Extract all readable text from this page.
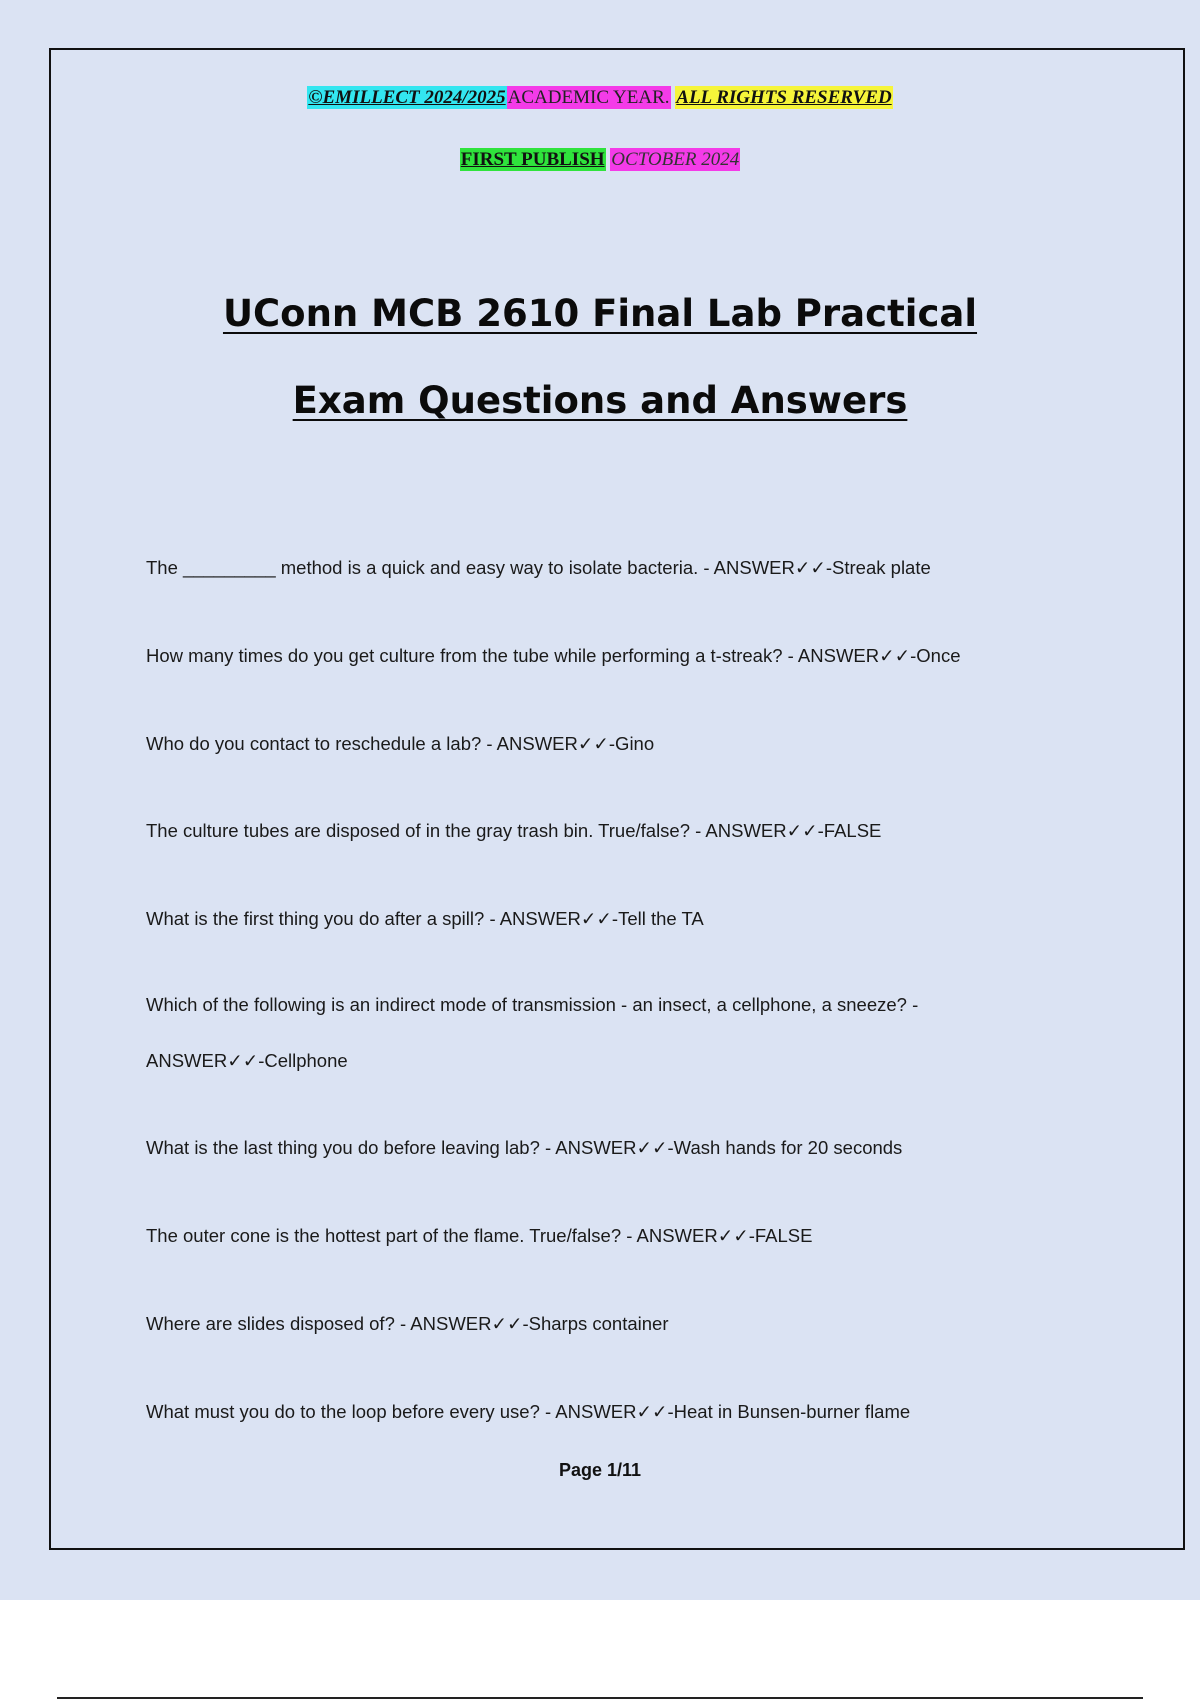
©EMILLECT 2024/2025 ACADEMIC YEAR. ALL RIGHTS RESERVED
FIRST PUBLISH OCTOBER 2024
UConn MCB 2610 Final Lab Practical
Exam Questions and Answers
The _________ method is a quick and easy way to isolate bacteria. - ANSWER✓✓-Streak plate
How many times do you get culture from the tube while performing a t-streak? - ANSWER✓✓-Once
Who do you contact to reschedule a lab? - ANSWER✓✓-Gino
The culture tubes are disposed of in the gray trash bin. True/false? - ANSWER✓✓-FALSE
What is the first thing you do after a spill? - ANSWER✓✓-Tell the TA
Which of the following is an indirect mode of transmission - an insect, a cellphone, a sneeze? -
ANSWER✓✓-Cellphone
What is the last thing you do before leaving lab? - ANSWER✓✓-Wash hands for 20 seconds
The outer cone is the hottest part of the flame. True/false? - ANSWER✓✓-FALSE
Where are slides disposed of? - ANSWER✓✓-Sharps container
What must you do to the loop before every use? - ANSWER✓✓-Heat in Bunsen-burner flame
Page 1/11
